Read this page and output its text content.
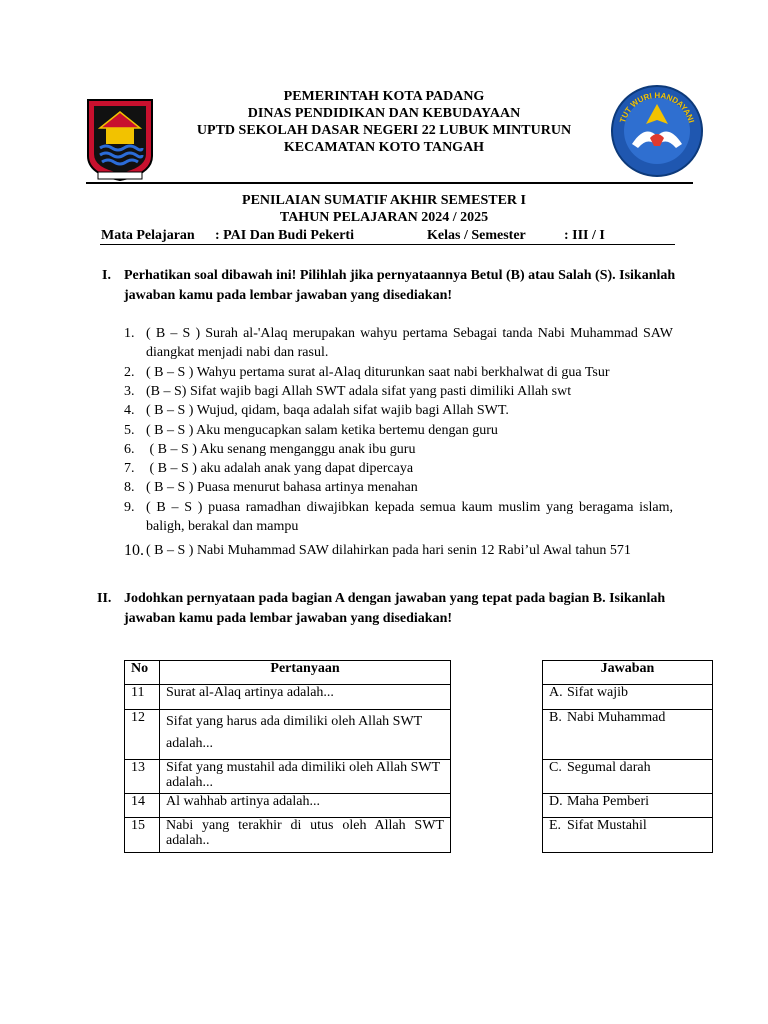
PEMERINTAH KOTA PADANG
DINAS PENDIDIKAN DAN KEBUDAYAAN
UPTD SEKOLAH DASAR NEGERI 22 LUBUK MINTURUN
KECAMATAN KOTO TANGAH
TUT WURI HANDAYANI
PENILAIAN SUMATIF AKHIR SEMESTER I
TAHUN PELAJARAN 2024 / 2025
Mata Pelajaran : PAI Dan Budi Pekerti	Kelas / Semester	: III / I
I. Perhatikan soal dibawah ini! Pilihlah jika pernyataannya Betul (B) atau Salah (S). Isikanlah jawaban kamu pada lembar jawaban yang disediakan!
1. ( B – S ) Surah al-'Alaq merupakan wahyu pertama Sebagai tanda Nabi Muhammad SAW diangkat menjadi nabi dan rasul.
2. ( B – S ) Wahyu pertama surat al-Alaq diturunkan saat nabi berkhalwat di gua Tsur
3. (B – S) Sifat wajib bagi Allah SWT adala sifat yang pasti dimiliki Allah swt
4. ( B – S ) Wujud, qidam, baqa adalah sifat wajib bagi Allah SWT.
5. ( B – S ) Aku mengucapkan salam ketika bertemu dengan guru
6. ( B – S ) Aku senang menganggu anak ibu guru
7. ( B – S ) aku adalah anak yang dapat dipercaya
8. ( B – S ) Puasa menurut bahasa artinya menahan
9. ( B – S ) puasa ramadhan diwajibkan kepada semua kaum muslim yang beragama islam, baligh, berakal dan mampu
10. ( B – S ) Nabi Muhammad SAW dilahirkan pada hari senin 12 Rabi’ul Awal tahun 571
II. Jodohkan pernyataan pada bagian A dengan jawaban yang tepat pada bagian B. Isikanlah jawaban kamu pada lembar jawaban yang disediakan!
No	Pertanyaan
11	Surat al-Alaq artinya adalah...
12	Sifat yang harus ada dimiliki oleh Allah SWT adalah...
13	Sifat yang mustahil ada dimiliki oleh Allah SWT adalah...
14	Al wahhab artinya adalah...
15	Nabi yang terakhir di utus oleh Allah SWT adalah..
Jawaban	
A.	Sifat wajib
B.	Nabi Muhammad
C.	Segumal darah
D.	Maha Pemberi
E.	Sifat Mustahil
